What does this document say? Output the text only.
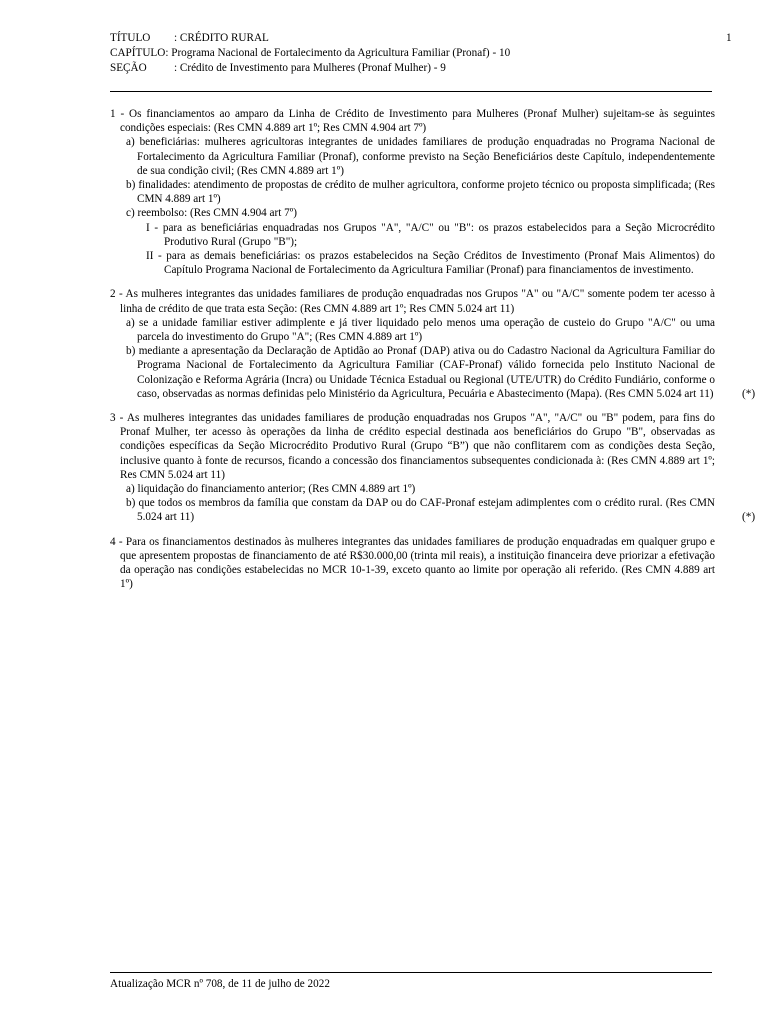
TÍTULO	: CRÉDITO RURAL
CAPÍTULO : Programa Nacional de Fortalecimento da Agricultura Familiar (Pronaf) - 10
SEÇÃO	: Crédito de Investimento para Mulheres (Pronaf Mulher) - 9
1
1 - Os financiamentos ao amparo da Linha de Crédito de Investimento para Mulheres (Pronaf Mulher) sujeitam-se às seguintes condições especiais: (Res CMN 4.889 art 1º; Res CMN 4.904 art 7º)
a) beneficiárias: mulheres agricultoras integrantes de unidades familiares de produção enquadradas no Programa Nacional de Fortalecimento da Agricultura Familiar (Pronaf), conforme previsto na Seção Beneficiários deste Capítulo, independentemente de sua condição civil; (Res CMN 4.889 art 1º)
b) finalidades: atendimento de propostas de crédito de mulher agricultora, conforme projeto técnico ou proposta simplificada; (Res CMN 4.889 art 1º)
c) reembolso: (Res CMN 4.904 art 7º)
I - para as beneficiárias enquadradas nos Grupos "A", "A/C" ou "B": os prazos estabelecidos para a Seção Microcrédito Produtivo Rural (Grupo "B");
II - para as demais beneficiárias: os prazos estabelecidos na Seção Créditos de Investimento (Pronaf Mais Alimentos) do Capítulo Programa Nacional de Fortalecimento da Agricultura Familiar (Pronaf) para financiamentos de investimento.
2 - As mulheres integrantes das unidades familiares de produção enquadradas nos Grupos "A" ou "A/C" somente podem ter acesso à linha de crédito de que trata esta Seção: (Res CMN 4.889 art 1º; Res CMN 5.024 art 11)
a) se a unidade familiar estiver adimplente e já tiver liquidado pelo menos uma operação de custeio do Grupo "A/C" ou uma parcela do investimento do Grupo "A"; (Res CMN 4.889 art 1º)
b) mediante a apresentação da Declaração de Aptidão ao Pronaf (DAP) ativa ou do Cadastro Nacional da Agricultura Familiar do Programa Nacional de Fortalecimento da Agricultura Familiar (CAF-Pronaf) válido fornecida pelo Instituto Nacional de Colonização e Reforma Agrária (Incra) ou Unidade Técnica Estadual ou Regional (UTE/UTR) do Crédito Fundiário, conforme o caso, observadas as normas definidas pelo Ministério da Agricultura, Pecuária e Abastecimento (Mapa). (Res CMN 5.024 art 11)	(*)
3 - As mulheres integrantes das unidades familiares de produção enquadradas nos Grupos "A", "A/C" ou "B" podem, para fins do Pronaf Mulher, ter acesso às operações da linha de crédito especial destinada aos beneficiários do Grupo "B", observadas as condições específicas da Seção Microcrédito Produtivo Rural (Grupo “B”) que não conflitarem com as condições desta Seção, inclusive quanto à fonte de recursos, ficando a concessão dos financiamentos subsequentes condicionada à: (Res CMN 4.889 art 1º; Res CMN 5.024 art 11)
a) liquidação do financiamento anterior; (Res CMN 4.889 art 1º)
b) que todos os membros da família que constam da DAP ou do CAF-Pronaf estejam adimplentes com o crédito rural. (Res CMN 5.024 art 11)	(*)
4 - Para os financiamentos destinados às mulheres integrantes das unidades familiares de produção enquadradas em qualquer grupo e que apresentem propostas de financiamento de até R$30.000,00 (trinta mil reais), a instituição financeira deve priorizar a efetivação da operação nas condições estabelecidas no MCR 10-1-39, exceto quanto ao limite por operação ali referido. (Res CMN 4.889 art 1º)
Atualização MCR nº 708, de 11 de julho de 2022
